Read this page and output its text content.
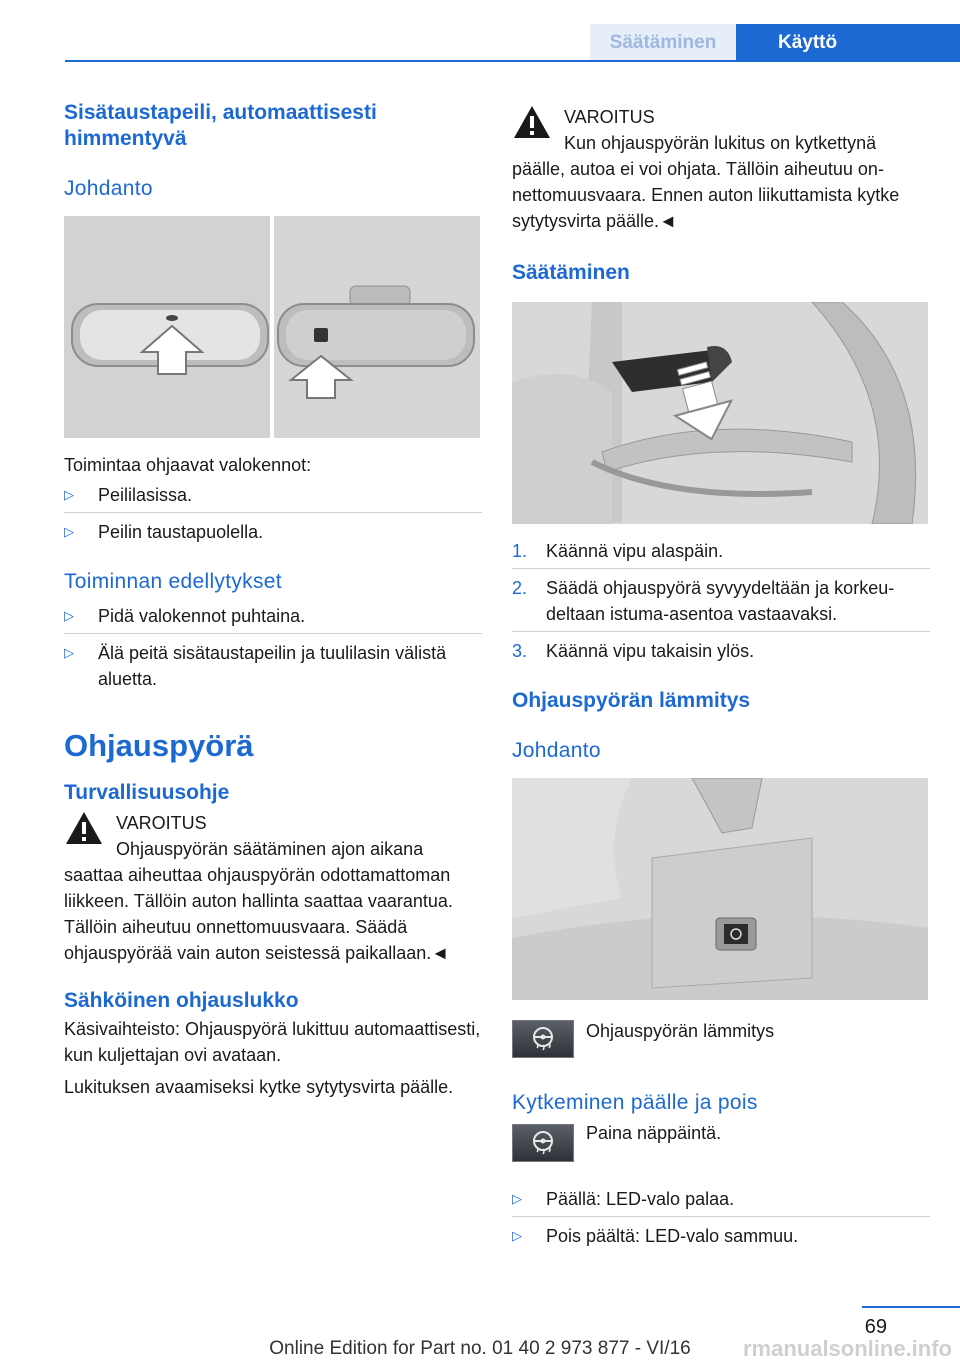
Säätäminen	Käyttö
Sisätaustapeili, automaattisesti himmentyvä
Johdanto

Toimintaa ohjaavat valokennot:

▷ Peililasissa.
▷ Peilin taustapuolella.
Toiminnan edellytykset
▷ Pidä valokennot puhtaina.
▷ Älä peitä sisätaustapeilin ja tuulilasin välistä aluetta.
Ohjauspyörä
Turvallisuusohje
VAROITUS
Ohjauspyörän säätäminen ajon aikana

saattaa aiheuttaa ohjauspyörän odottamattoman liikkeen. Tällöin auton hallinta saattaa vaarantua. Tällöin aiheutuu onnettomuusvaara. Säädä ohjauspyörää vain auton seistessä paikallaan.◄

Sähköinen ohjauslukko

Käsivaihteisto: Ohjauspyörä lukittuu automaattisesti, kun kuljettajan ovi avataan.

Lukituksen avaamiseksi kytke sytytysvirta päälle.

VAROITUS
Kun ohjauspyörän lukitus on kytkettynä

päälle, autoa ei voi ohjata. Tällöin aiheutuu onnettomuusvaara. Ennen auton liikuttamista kytke sytytysvirta päälle.◄

Säätäminen
1. Käännä vipu alaspäin.
2. Säädä ohjauspyörä syvyydeltään ja korkeudeltaan istuma-asentoa vastaavaksi.
3. Käännä vipu takaisin ylös.
Ohjauspyörän lämmitys
Johdanto
Ohjauspyörän lämmitys
Kytkeminen päälle ja pois
Paina näppäintä.
▷ Päällä: LED-valo palaa.
▷ Pois päältä: LED-valo sammuu.
69
Online Edition for Part no. 01 40 2 973 877 - VI/16	rmanualsonline.info
